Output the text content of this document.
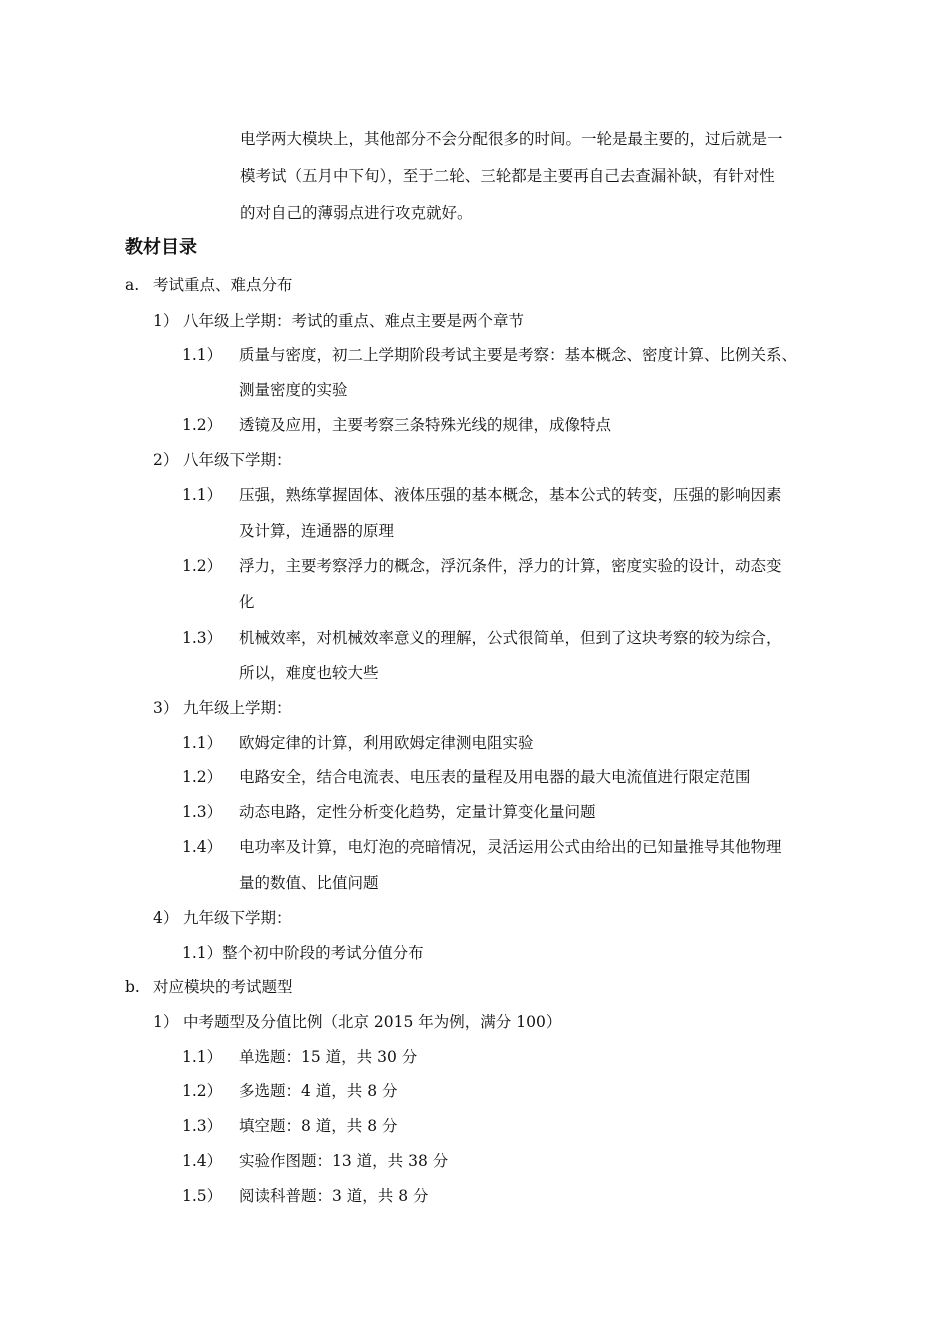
电学两大模块上，其他部分不会分配很多的时间。一轮是最主要的，过后就是一
模考试（五月中下旬），至于二轮、三轮都是主要再自己去查漏补缺，有针对性
的对自己的薄弱点进行攻克就好。
教材目录
a. 考试重点、难点分布
1） 八年级上学期：考试的重点、难点主要是两个章节
1.1） 质量与密度，初二上学期阶段考试主要是考察：基本概念、密度计算、比例关系、
测量密度的实验
1.2） 透镜及应用，主要考察三条特殊光线的规律，成像特点
2） 八年级下学期：
1.1） 压强，熟练掌握固体、液体压强的基本概念，基本公式的转变，压强的影响因素
及计算，连通器的原理
1.2） 浮力，主要考察浮力的概念，浮沉条件，浮力的计算，密度实验的设计，动态变
化
1.3） 机械效率，对机械效率意义的理解，公式很简单，但到了这块考察的较为综合，
所以，难度也较大些
3） 九年级上学期：
1.1） 欧姆定律的计算，利用欧姆定律测电阻实验
1.2） 电路安全，结合电流表、电压表的量程及用电器的最大电流值进行限定范围
1.3） 动态电路，定性分析变化趋势，定量计算变化量问题
1.4） 电功率及计算，电灯泡的亮暗情况，灵活运用公式由给出的已知量推导其他物理
量的数值、比值问题
4） 九年级下学期：
1.1）整个初中阶段的考试分值分布
b. 对应模块的考试题型
1） 中考题型及分值比例（北京 2015 年为例，满分 100）
1.1） 单选题：15 道，共 30 分
1.2） 多选题：4 道，共 8 分
1.3） 填空题：8 道，共 8 分
1.4） 实验作图题：13 道，共 38 分
1.5） 阅读科普题：3 道，共 8 分
